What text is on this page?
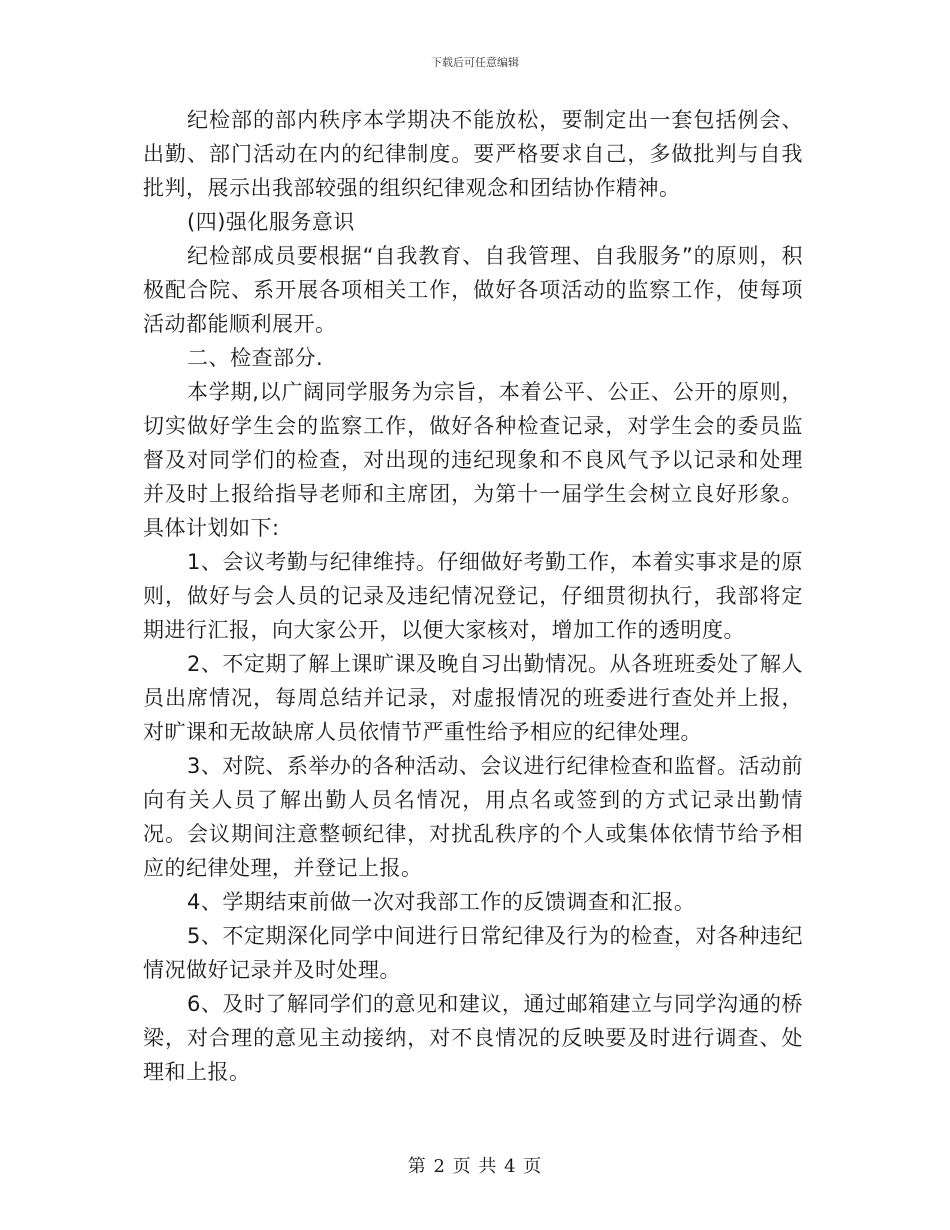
下载后可任意编辑

纪检部的部内秩序本学期决不能放松，要制定出一套包括例会、出勤、部门活动在内的纪律制度。要严格要求自己，多做批判与自我批判，展示出我部较强的组织纪律观念和团结协作精神。

(四)强化服务意识

纪检部成员要根据“自我教育、自我管理、自我服务”的原则，积极配合院、系开展各项相关工作，做好各项活动的监察工作，使每项活动都能顺利展开。

二、检查部分.

本学期,以广阔同学服务为宗旨，本着公平、公正、公开的原则，切实做好学生会的监察工作，做好各种检查记录，对学生会的委员监督及对同学们的检查，对出现的违纪现象和不良风气予以记录和处理并及时上报给指导老师和主席团，为第十一届学生会树立良好形象。具体计划如下:

1、会议考勤与纪律维持。仔细做好考勤工作，本着实事求是的原则，做好与会人员的记录及违纪情况登记，仔细贯彻执行，我部将定期进行汇报，向大家公开，以便大家核对，增加工作的透明度。

2、不定期了解上课旷课及晚自习出勤情况。从各班班委处了解人员出席情况，每周总结并记录，对虚报情况的班委进行查处并上报，对旷课和无故缺席人员依情节严重性给予相应的纪律处理。

3、对院、系举办的各种活动、会议进行纪律检查和监督。活动前向有关人员了解出勤人员名情况，用点名或签到的方式记录出勤情况。会议期间注意整顿纪律，对扰乱秩序的个人或集体依情节给予相应的纪律处理，并登记上报。

4、学期结束前做一次对我部工作的反馈调查和汇报。

5、不定期深化同学中间进行日常纪律及行为的检查，对各种违纪情况做好记录并及时处理。

6、及时了解同学们的意见和建议，通过邮箱建立与同学沟通的桥梁，对合理的意见主动接纳，对不良情况的反映要及时进行调查、处理和上报。

第 2 页 共 4 页
